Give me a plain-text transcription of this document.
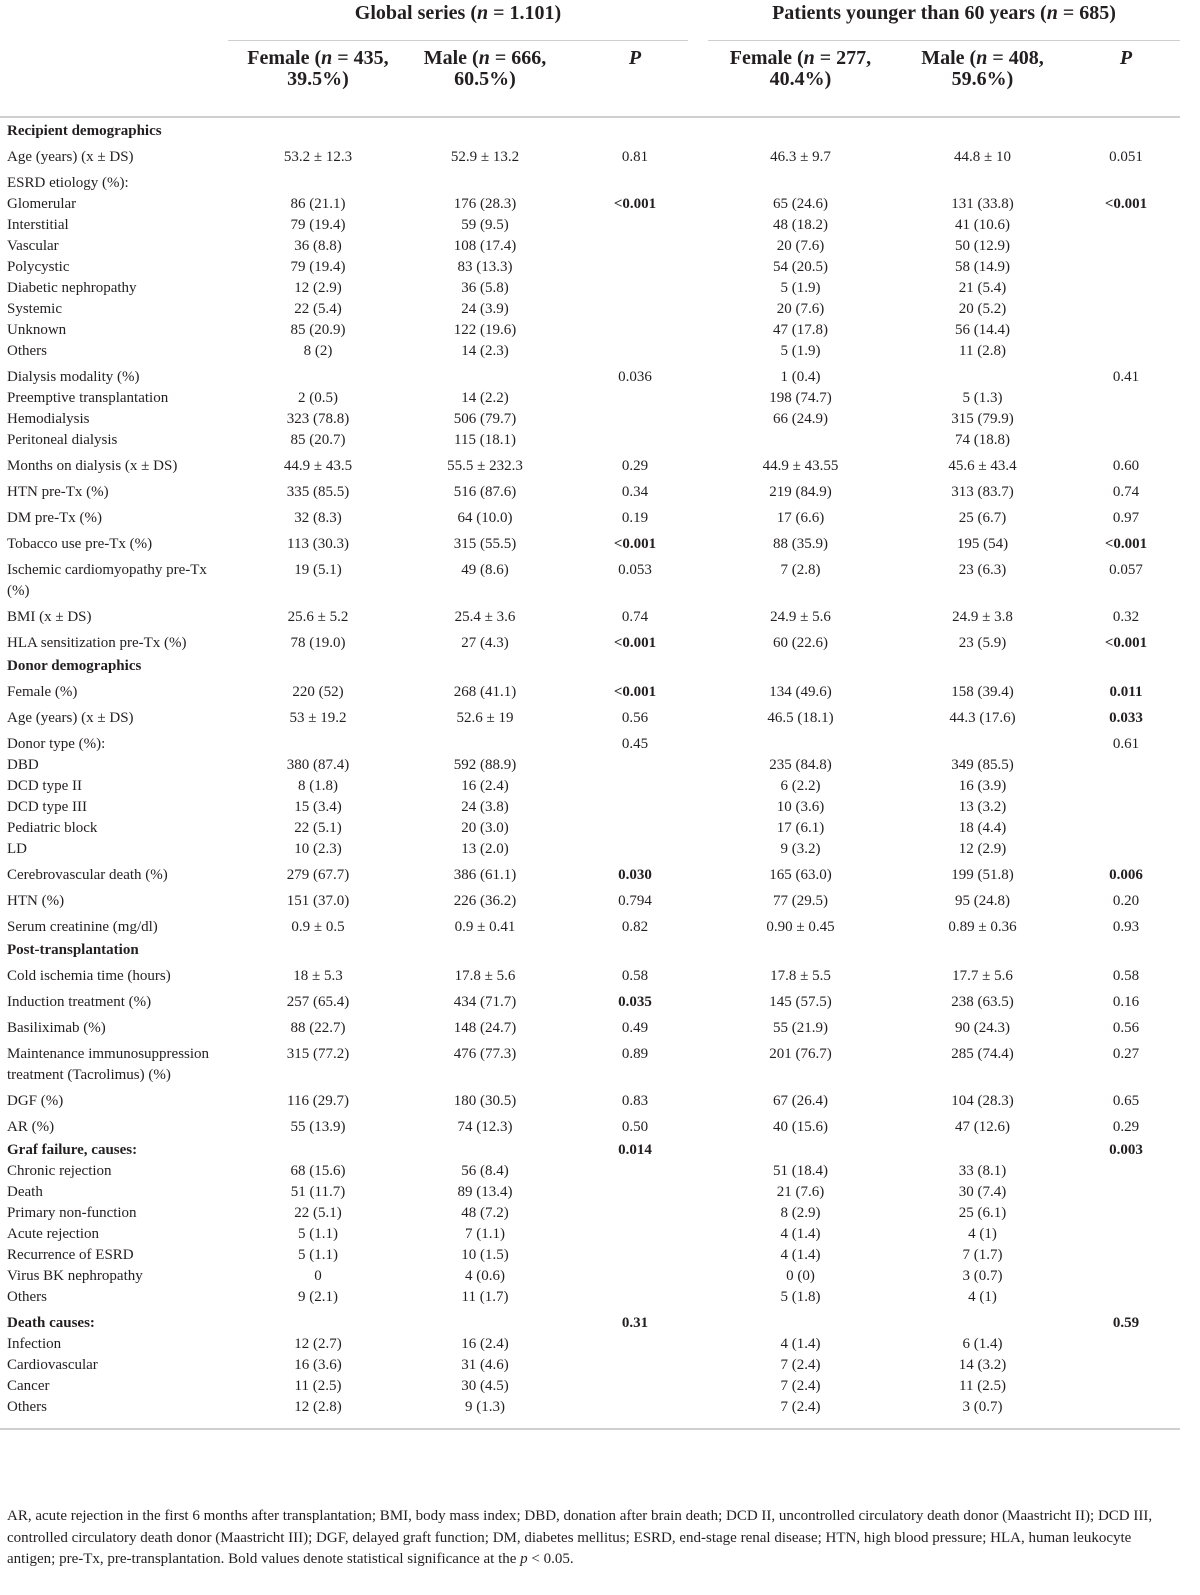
Global series (n = 1.101)	Patients younger than 60 years (n = 685)
	Female (n = 435, 39.5%)	Male (n = 666, 60.5%)	P	Female (n = 277, 40.4%)	Male (n = 408, 59.6%)	P
Recipient demographics						
Age (years) (x ± DS)	53.2 ± 12.3	52.9 ± 13.2	0.81	46.3 ± 9.7	44.8 ± 10	0.051
ESRD etiology (%):						
Glomerular	86 (21.1)	176 (28.3)	<0.001	65 (24.6)	131 (33.8)	<0.001
Interstitial	79 (19.4)	59 (9.5)		48 (18.2)	41 (10.6)	
Vascular	36 (8.8)	108 (17.4)		20 (7.6)	50 (12.9)	
Polycystic	79 (19.4)	83 (13.3)		54 (20.5)	58 (14.9)	
Diabetic nephropathy	12 (2.9)	36 (5.8)		5 (1.9)	21 (5.4)	
Systemic	22 (5.4)	24 (3.9)		20 (7.6)	20 (5.2)	
Unknown	85 (20.9)	122 (19.6)		47 (17.8)	56 (14.4)	
Others	8 (2)	14 (2.3)		5 (1.9)	11 (2.8)	
Dialysis modality (%)			0.036	1 (0.4)		0.41
Preemptive transplantation	2 (0.5)	14 (2.2)		198 (74.7)	5 (1.3)	
Hemodialysis	323 (78.8)	506 (79.7)		66 (24.9)	315 (79.9)	
Peritoneal dialysis	85 (20.7)	115 (18.1)			74 (18.8)	
Months on dialysis (x ± DS)	44.9 ± 43.5	55.5 ± 232.3	0.29	44.9 ± 43.55	45.6 ± 43.4	0.60
HTN pre-Tx (%)	335 (85.5)	516 (87.6)	0.34	219 (84.9)	313 (83.7)	0.74
DM pre-Tx (%)	32 (8.3)	64 (10.0)	0.19	17 (6.6)	25 (6.7)	0.97
Tobacco use pre-Tx (%)	113 (30.3)	315 (55.5)	<0.001	88 (35.9)	195 (54)	<0.001
Ischemic cardiomyopathy pre-Tx (%)	19 (5.1)	49 (8.6)	0.053	7 (2.8)	23 (6.3)	0.057
BMI (x ± DS)	25.6 ± 5.2	25.4 ± 3.6	0.74	24.9 ± 5.6	24.9 ± 3.8	0.32
HLA sensitization pre-Tx (%)	78 (19.0)	27 (4.3)	<0.001	60 (22.6)	23 (5.9)	<0.001
Donor demographics						
Female (%)	220 (52)	268 (41.1)	<0.001	134 (49.6)	158 (39.4)	0.011
Age (years) (x ± DS)	53 ± 19.2	52.6 ± 19	0.56	46.5 (18.1)	44.3 (17.6)	0.033
Donor type (%):			0.45			0.61
DBD	380 (87.4)	592 (88.9)		235 (84.8)	349 (85.5)	
DCD type II	8 (1.8)	16 (2.4)		6 (2.2)	16 (3.9)	
DCD type III	15 (3.4)	24 (3.8)		10 (3.6)	13 (3.2)	
Pediatric block	22 (5.1)	20 (3.0)		17 (6.1)	18 (4.4)	
LD	10 (2.3)	13 (2.0)		9 (3.2)	12 (2.9)	
Cerebrovascular death (%)	279 (67.7)	386 (61.1)	0.030	165 (63.0)	199 (51.8)	0.006
HTN (%)	151 (37.0)	226 (36.2)	0.794	77 (29.5)	95 (24.8)	0.20
Serum creatinine (mg/dl)	0.9 ± 0.5	0.9 ± 0.41	0.82	0.90 ± 0.45	0.89 ± 0.36	0.93
Post-transplantation						
Cold ischemia time (hours)	18 ± 5.3	17.8 ± 5.6	0.58	17.8 ± 5.5	17.7 ± 5.6	0.58
Induction treatment (%)	257 (65.4)	434 (71.7)	0.035	145 (57.5)	238 (63.5)	0.16
Basiliximab (%)	88 (22.7)	148 (24.7)	0.49	55 (21.9)	90 (24.3)	0.56
Maintenance immunosuppression treatment (Tacrolimus) (%)	315 (77.2)	476 (77.3)	0.89	201 (76.7)	285 (74.4)	0.27
DGF (%)	116 (29.7)	180 (30.5)	0.83	67 (26.4)	104 (28.3)	0.65
AR (%)	55 (13.9)	74 (12.3)	0.50	40 (15.6)	47 (12.6)	0.29
Graf failure, causes:			0.014			0.003
Chronic rejection	68 (15.6)	56 (8.4)		51 (18.4)	33 (8.1)	
Death	51 (11.7)	89 (13.4)		21 (7.6)	30 (7.4)	
Primary non-function	22 (5.1)	48 (7.2)		8 (2.9)	25 (6.1)	
Acute rejection	5 (1.1)	7 (1.1)		4 (1.4)	4 (1)	
Recurrence of ESRD	5 (1.1)	10 (1.5)		4 (1.4)	7 (1.7)	
Virus BK nephropathy	0	4 (0.6)		0 (0)	3 (0.7)	
Others	9 (2.1)	11 (1.7)		5 (1.8)	4 (1)	
Death causes:			0.31			0.59
Infection	12 (2.7)	16 (2.4)		4 (1.4)	6 (1.4)	
Cardiovascular	16 (3.6)	31 (4.6)		7 (2.4)	14 (3.2)	
Cancer	11 (2.5)	30 (4.5)		7 (2.4)	11 (2.5)	
Others	12 (2.8)	9 (1.3)		7 (2.4)	3 (0.7)	
AR, acute rejection in the first 6 months after transplantation; BMI, body mass index; DBD, donation after brain death; DCD II, uncontrolled circulatory death donor (Maastricht II); DCD III, controlled circulatory death donor (Maastricht III); DGF, delayed graft function; DM, diabetes mellitus; ESRD, end-stage renal disease; HTN, high blood pressure; HLA, human leukocyte antigen; pre-Tx, pre-transplantation. Bold values denote statistical significance at the p < 0.05.
